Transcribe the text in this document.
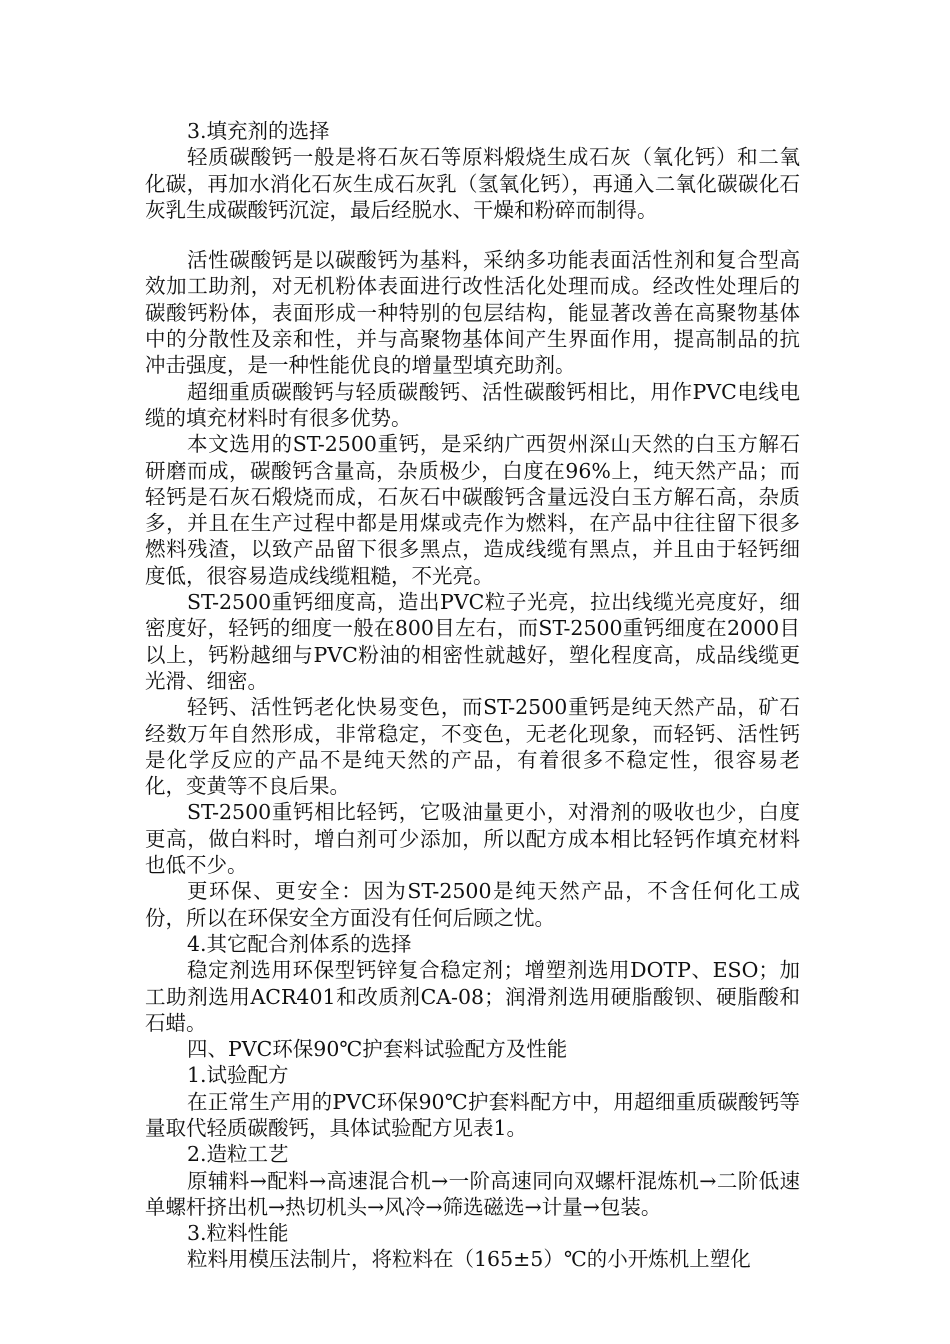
3.填充剂的选择

轻质碳酸钙一般是将石灰石等原料煅烧生成石灰（氧化钙）和二氧化碳，再加水消化石灰生成石灰乳（氢氧化钙），再通入二氧化碳碳化石灰乳生成碳酸钙沉淀，最后经脱水、干燥和粉碎而制得。

活性碳酸钙是以碳酸钙为基料，采纳多功能表面活性剂和复合型高效加工助剂，对无机粉体表面进行改性活化处理而成。经改性处理后的碳酸钙粉体，表面形成一种特别的包层结构，能显著改善在高聚物基体中的分散性及亲和性，并与高聚物基体间产生界面作用，提高制品的抗冲击强度，是一种性能优良的增量型填充助剂。

超细重质碳酸钙与轻质碳酸钙、活性碳酸钙相比，用作PVC电线电缆的填充材料时有很多优势。

本文选用的ST-2500重钙，是采纳广西贺州深山天然的白玉方解石研磨而成，碳酸钙含量高，杂质极少，白度在96%上，纯天然产品；而轻钙是石灰石煅烧而成，石灰石中碳酸钙含量远没白玉方解石高，杂质多，并且在生产过程中都是用煤或壳作为燃料，在产品中往往留下很多燃料残渣，以致产品留下很多黑点，造成线缆有黑点，并且由于轻钙细度低，很容易造成线缆粗糙，不光亮。

ST-2500重钙细度高，造出PVC粒子光亮，拉出线缆光亮度好，细密度好，轻钙的细度一般在800目左右，而ST-2500重钙细度在2000目以上，钙粉越细与PVC粉油的相密性就越好，塑化程度高，成品线缆更光滑、细密。

轻钙、活性钙老化快易变色，而ST-2500重钙是纯天然产品，矿石经数万年自然形成，非常稳定，不变色，无老化现象，而轻钙、活性钙是化学反应的产品不是纯天然的产品，有着很多不稳定性，很容易老化，变黄等不良后果。

ST-2500重钙相比轻钙，它吸油量更小，对滑剂的吸收也少，白度更高，做白料时，增白剂可少添加，所以配方成本相比轻钙作填充材料也低不少。

更环保、更安全：因为ST-2500是纯天然产品，不含任何化工成份，所以在环保安全方面没有任何后顾之忧。

4.其它配合剂体系的选择

稳定剂选用环保型钙锌复合稳定剂；增塑剂选用DOTP、ESO；加工助剂选用ACR401和改质剂CA-08；润滑剂选用硬脂酸钡、硬脂酸和石蜡。

四、PVC环保90℃护套料试验配方及性能

1.试验配方

在正常生产用的PVC环保90℃护套料配方中，用超细重质碳酸钙等量取代轻质碳酸钙，具体试验配方见表1。

2.造粒工艺

原辅料→配料→高速混合机→一阶高速同向双螺杆混炼机→二阶低速单螺杆挤出机→热切机头→风冷→筛选磁选→计量→包装。

3.粒料性能

粒料用模压法制片，将粒料在（165±5）℃的小开炼机上塑化
